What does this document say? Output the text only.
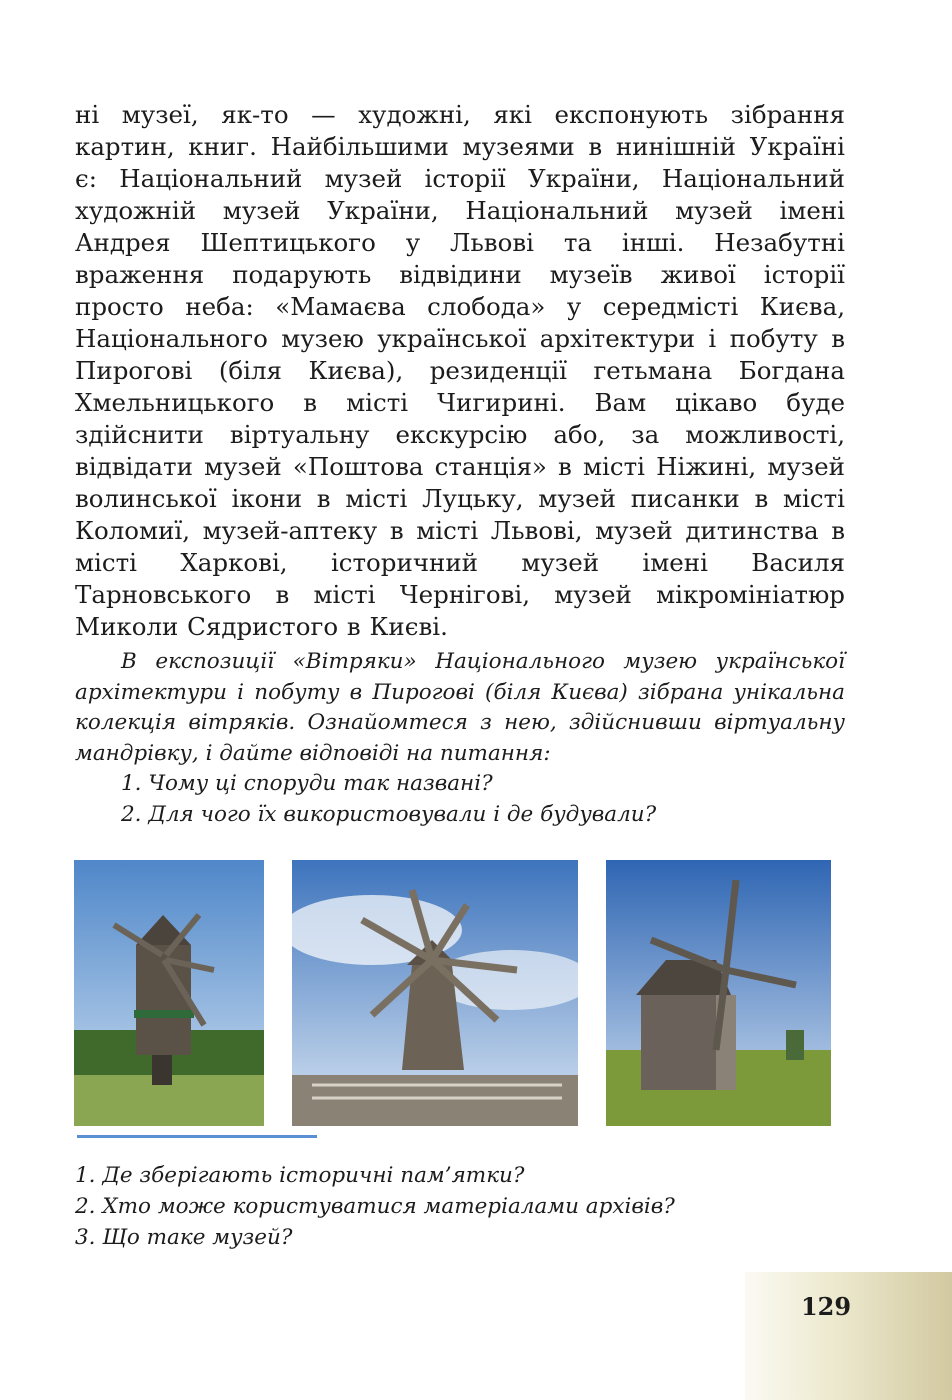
ні музеї, як-то — художні, які експонують зібрання картин, книг. Найбільшими музеями в нинішній Україні є: Національний музей історії України, Національний художній музей України, Національний музей імені Андрея Шептицького у Львові та інші. Незабутні враження подарують відвідини музеїв живої історії просто неба: «Мамаєва слобода» у середмісті Києва, Національного музею української архітектури і побуту в Пирогові (біля Києва), резиденції гетьмана Богдана Хмельницького в місті Чигирині. Вам цікаво буде здійснити віртуальну екскурсію або, за можливості, відвідати музей «Поштова станція» в місті Ніжині, музей волинської ікони в місті Луцьку, музей писанки в місті Коломиї, музей-аптеку в місті Львові, музей дитинства в місті Харкові, історичний музей імені Василя Тарновського в місті Чернігові, музей мікромініатюр Миколи Сядристого в Києві.

В експозиції «Вітряки» Національного музею української архітектури і побуту в Пирогові (біля Києва) зібрана унікальна колекція вітряків. Ознайомтеся з нею, здійснивши віртуальну мандрівку, і дайте відповіді на питання:
1. Чому ці споруди так названі?
2. Для чого їх використовували і де будували?
1. Де зберігають історичні пам’ятки?
2. Хто може користуватися матеріалами архівів?
3. Що таке музей?
129
